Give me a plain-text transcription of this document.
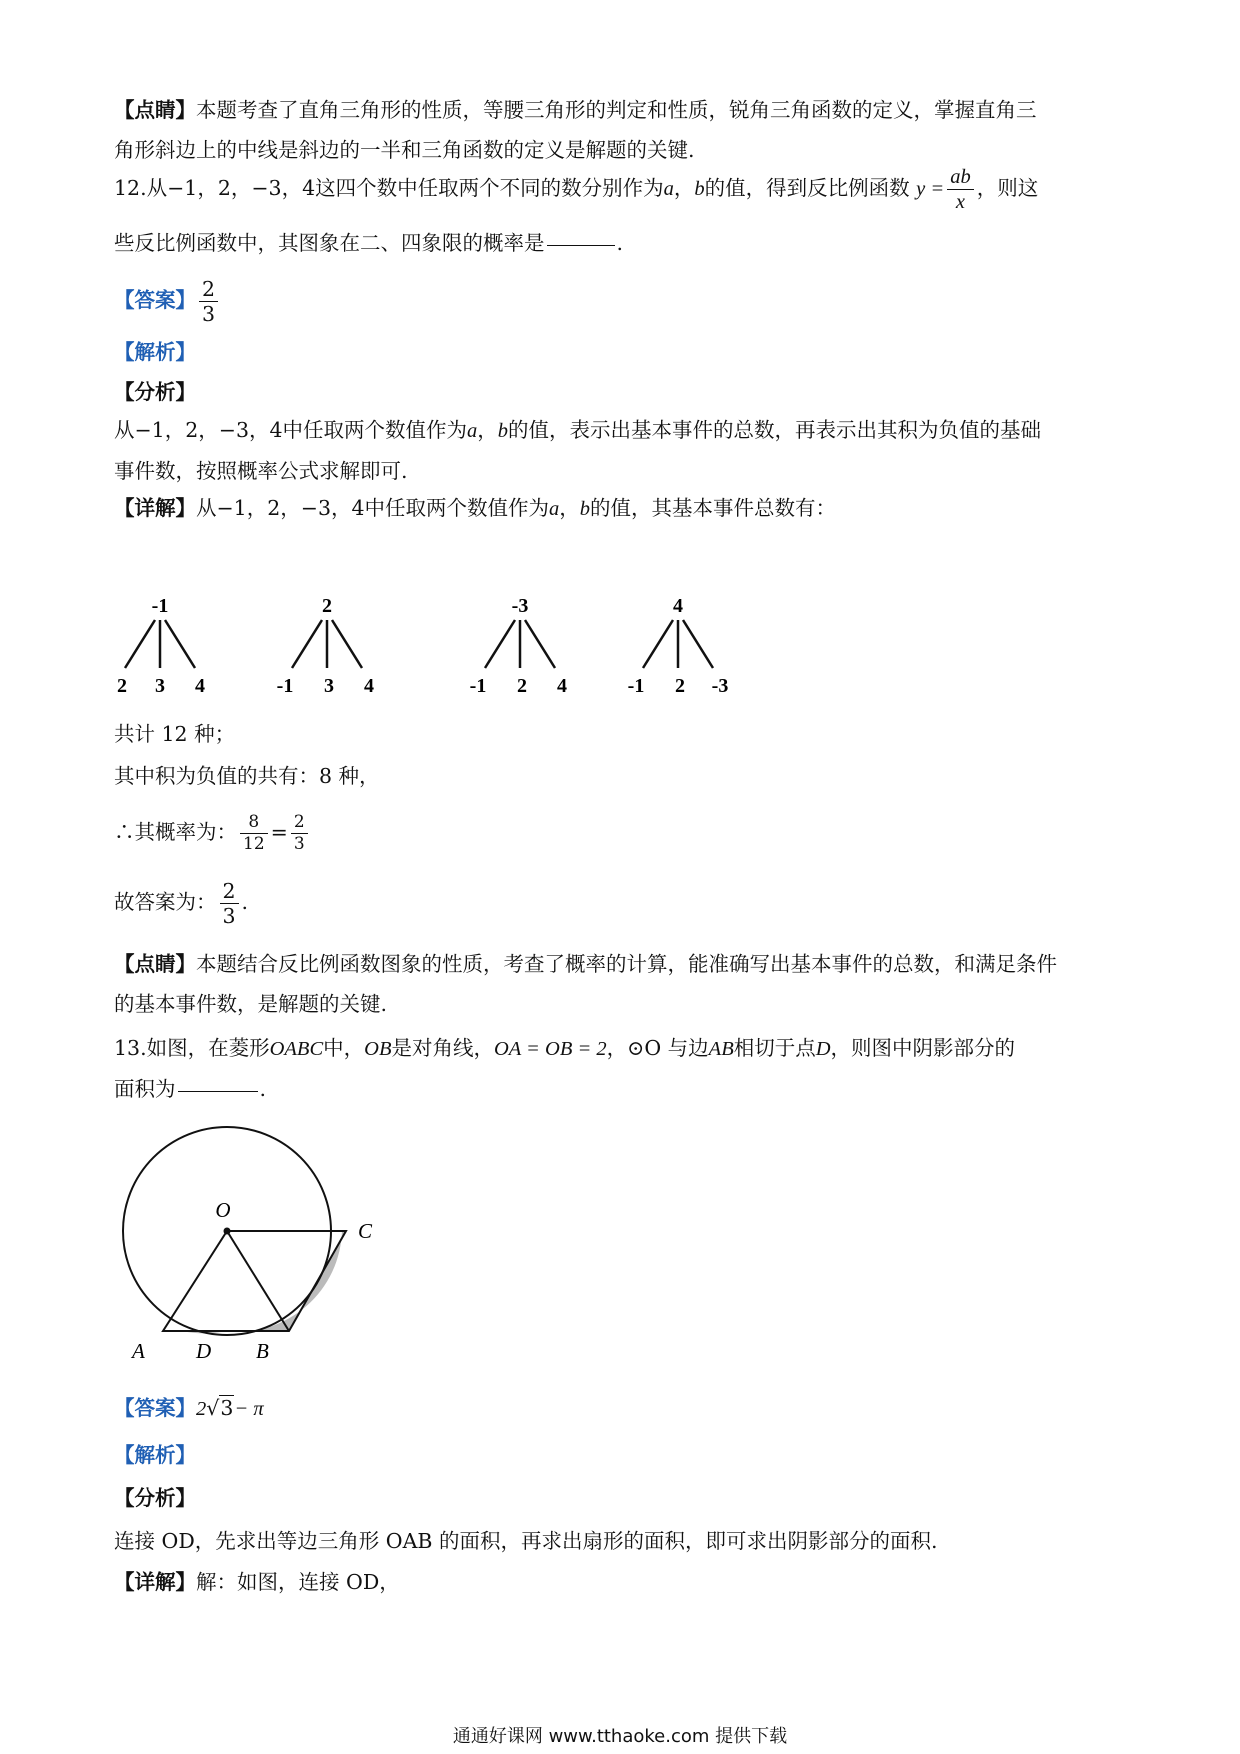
【点睛】本题考查了直角三角形的性质，等腰三角形的判定和性质，锐角三角函数的定义，掌握直角三
角形斜边上的中线是斜边的一半和三角函数的定义是解题的关键.
12.从−1，2，−3，4这四个数中任取两个不同的数分别作为a，b的值，得到反比例函数 $y = \frac{ab}{x}$ ，则这
些反比例函数中，其图象在二、四象限的概率是	.
【答案】 $\frac{2}{3}$
【解析】
【分析】
从−1，2，−3，4中任取两个数值作为a，b的值，表示出基本事件的总数，再表示出其积为负值的基础
事件数，按照概率公式求解即可.
【详解】从−1，2，−3，4中任取两个数值作为a，b的值，其基本事件总数有：
-1
2 3 4
2
-1 3 4
-3
-1 2 4
4
-1 2 -3
共计 12 种；
其中积为负值的共有：8 种，
∴其概率为： $\frac{8}{12} = \frac{2}{3}$
故答案为： $\frac{2}{3}$ .
【点睛】本题结合反比例函数图象的性质，考查了概率的计算，能准确写出基本事件的总数，和满足条件
的基本事件数，是解题的关键.
13.如图，在菱形OABC中，OB是对角线，OA = OB = 2，⊙O 与边AB相切于点D，则图中阴影部分的
面积为	.
O
C
A D B
【答案】2√3− π
【解析】
【分析】
连接 OD，先求出等边三角形 OAB 的面积，再求出扇形的面积，即可求出阴影部分的面积.
【详解】解：如图，连接 OD，
通通好课网 www.tthaoke.com 提供下载
